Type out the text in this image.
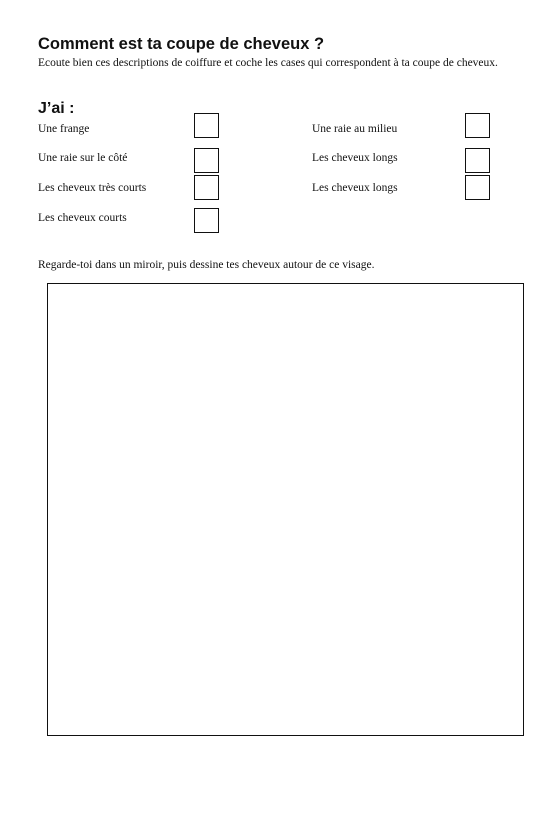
Comment est ta coupe de cheveux ?

Ecoute bien ces descriptions de coiffure et coche les cases qui correspondent à ta coupe de cheveux.

J’ai :
Une frange
Une raie sur le côté
Les cheveux très courts
Les cheveux courts
Une raie au milieu
Les cheveux longs
Les cheveux longs

Regarde-toi dans un miroir, puis dessine tes cheveux autour de ce visage.
